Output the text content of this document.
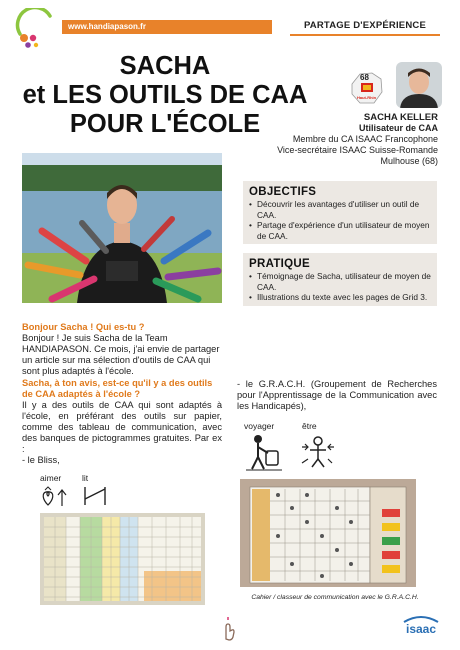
www.handiapason.fr	PARTAGE D'EXPÉRIENCE
SACHA
et LES OUTILS DE CAA
POUR L'ÉCOLE
68
Haut-Rhin
SACHA KELLER
Utilisateur de CAA
Membre du CA ISAAC Francophone
Vice-secrétaire ISAAC Suisse-Romande
Mulhouse (68)
OBJECTIFS
• Découvrir les avantages d'utiliser un outil de CAA.
• Partage d'expérience d'un utilisateur de moyen de CAA.
PRATIQUE
• Témoignage de Sacha, utilisateur de moyen de CAA.
• Illustrations du texte avec les pages de Grid 3.
Bonjour Sacha ! Qui es-tu ?
Bonjour ! Je suis Sacha de la Team HANDIAPASON. Ce mois, j'ai envie de partager un article sur ma sélection d'outils de CAA qui sont plus adaptés à l'école.
Sacha, à ton avis, est-ce qu'il y a des outils de CAA adaptés à l'école ?
Il y a des outils de CAA qui sont adaptés à l'école, en préférant des outils sur papier, comme des tableau de communication, avec des banques de pictogrammes gratuites. Par ex :
- le Bliss,
aimer lit
- le G.R.A.C.H. (Groupement de Recherches pour l'Apprentissage de la Communication avec les Handicapés),
voyager	être
Cahier / classeur de communication avec le G.R.A.C.H.
isaac
